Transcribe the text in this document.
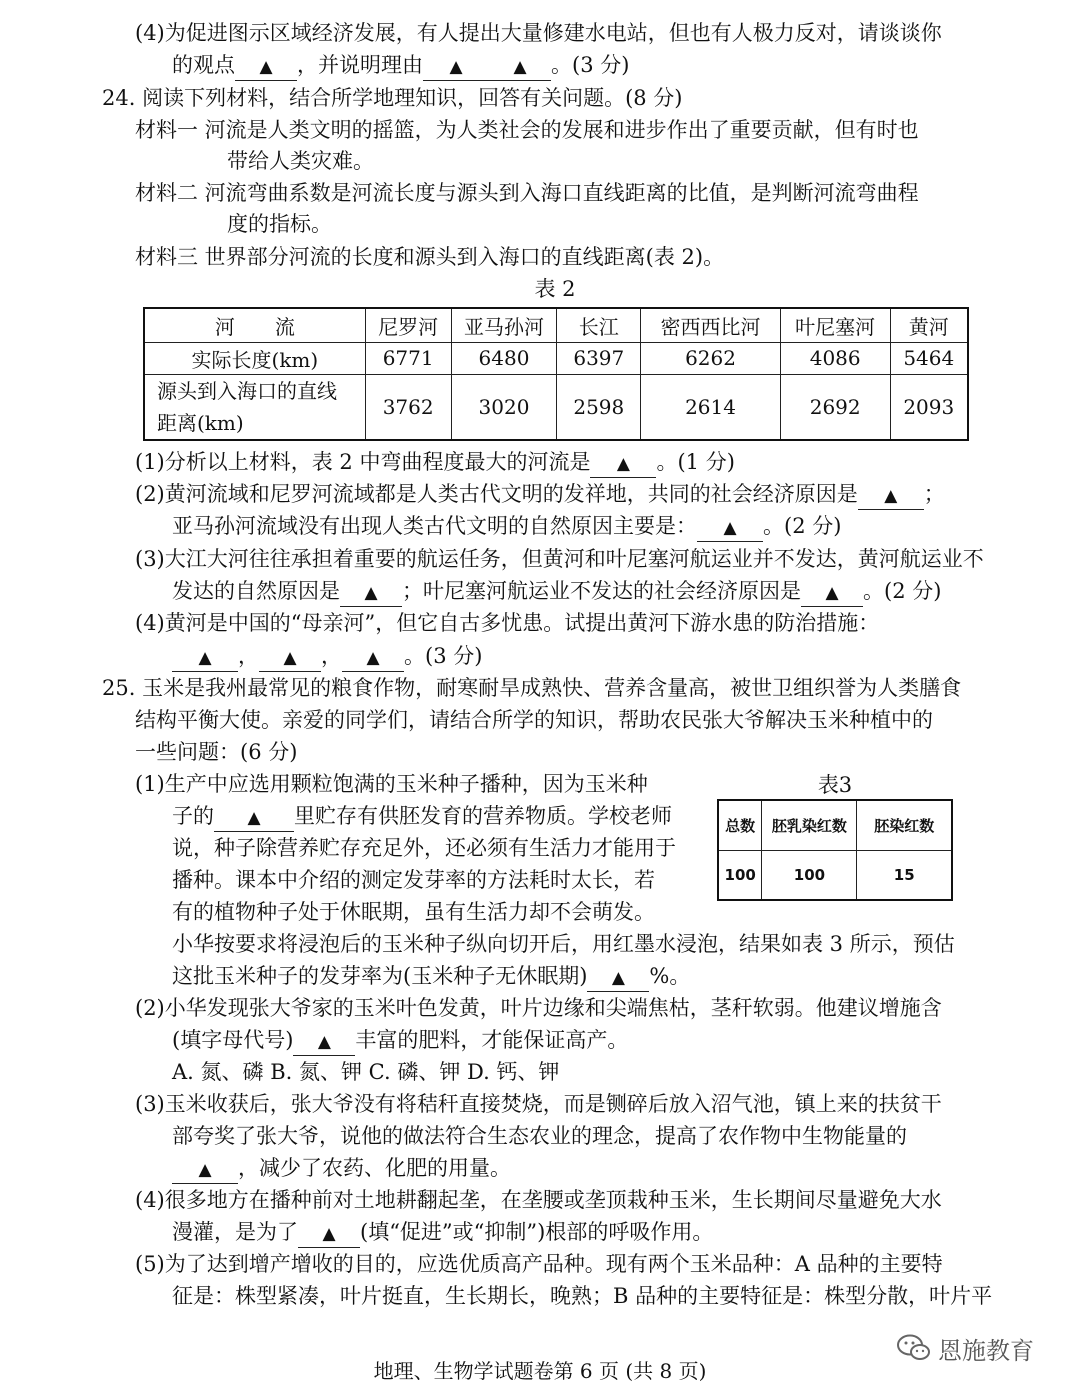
(4)为促进图示区域经济发展，有人提出大量修建水电站，但也有人极力反对，请谈谈你
的观点 ▲ ，并说明理由 ▲	▲ 。(3 分)
24. 阅读下列材料，结合所学地理知识，回答有关问题。(8 分)
材料一 河流是人类文明的摇篮，为人类社会的发展和进步作出了重要贡献，但有时也
带给人类灾难。
材料二 河流弯曲系数是河流长度与源头到入海口直线距离的比值，是判断河流弯曲程
度的指标。
材料三 世界部分河流的长度和源头到入海口的直线距离(表 2)。
(1)分析以上材料，表 2 中弯曲程度最大的河流是 ▲ 。(1 分)
(2)黄河流域和尼罗河流域都是人类古代文明的发祥地，共同的社会经济原因是 ▲ ；
亚马孙河流域没有出现人类古代文明的自然原因主要是： ▲ 。(2 分)
(3)大江大河往往承担着重要的航运任务，但黄河和叶尼塞河航运业并不发达，黄河航运业不
发达的自然原因是 ▲ ；叶尼塞河航运业不发达的社会经济原因是 ▲ 。(2 分)
(4)黄河是中国的“母亲河”，但它自古多忧患。试提出黄河下游水患的防治措施：
▲ ， ▲ ， ▲ 。(3 分)
25. 玉米是我州最常见的粮食作物，耐寒耐旱成熟快、营养含量高，被世卫组织誉为人类膳食
结构平衡大使。亲爱的同学们，请结合所学的知识，帮助农民张大爷解决玉米种植中的
一些问题：(6 分)
(1)生产中应选用颗粒饱满的玉米种子播种，因为玉米种
子的 ▲ 里贮存有供胚发育的营养物质。学校老师
说，种子除营养贮存充足外，还必须有生活力才能用于
播种。课本中介绍的测定发芽率的方法耗时太长，若
有的植物种子处于休眠期，虽有生活力却不会萌发。
小华按要求将浸泡后的玉米种子纵向切开后，用红墨水浸泡，结果如表 3 所示，预估
这批玉米种子的发芽率为(玉米种子无休眠期) ▲ %。
(2)小华发现张大爷家的玉米叶色发黄，叶片边缘和尖端焦枯，茎秆软弱。他建议增施含
(填字母代号) ▲ 丰富的肥料，才能保证高产。
A. 氮、磷 B. 氮、钾 C. 磷、钾 D. 钙、钾
(3)玉米收获后，张大爷没有将秸秆直接焚烧，而是铡碎后放入沼气池，镇上来的扶贫干
部夸奖了张大爷，说他的做法符合生态农业的理念，提高了农作物中生物能量的
▲ ，减少了农药、化肥的用量。
(4)很多地方在播种前对土地耕翻起垄，在垄腰或垄顶栽种玉米，生长期间尽量避免大水
漫灌，是为了 ▲ (填“促进”或“抑制”)根部的呼吸作用。
(5)为了达到增产增收的目的，应选优质高产品种。现有两个玉米品种：A 品种的主要特
征是：株型紧凑，叶片挺直，生长期长，晚熟；B 品种的主要特征是：株型分散，叶片平
表 2
河　　流	尼罗河	亚马孙河	长江	密西西比河	叶尼塞河	黄河
实际长度(km)	6771	6480	6397	6262	4086	5464
源头到入海口的直线距离(km)	3762	3020	2598	2614	2692	2093
表3
总数	胚乳染红数	胚染红数
100	100	15
恩施教育
地理、生物学试题卷第 6 页 (共 8 页)
